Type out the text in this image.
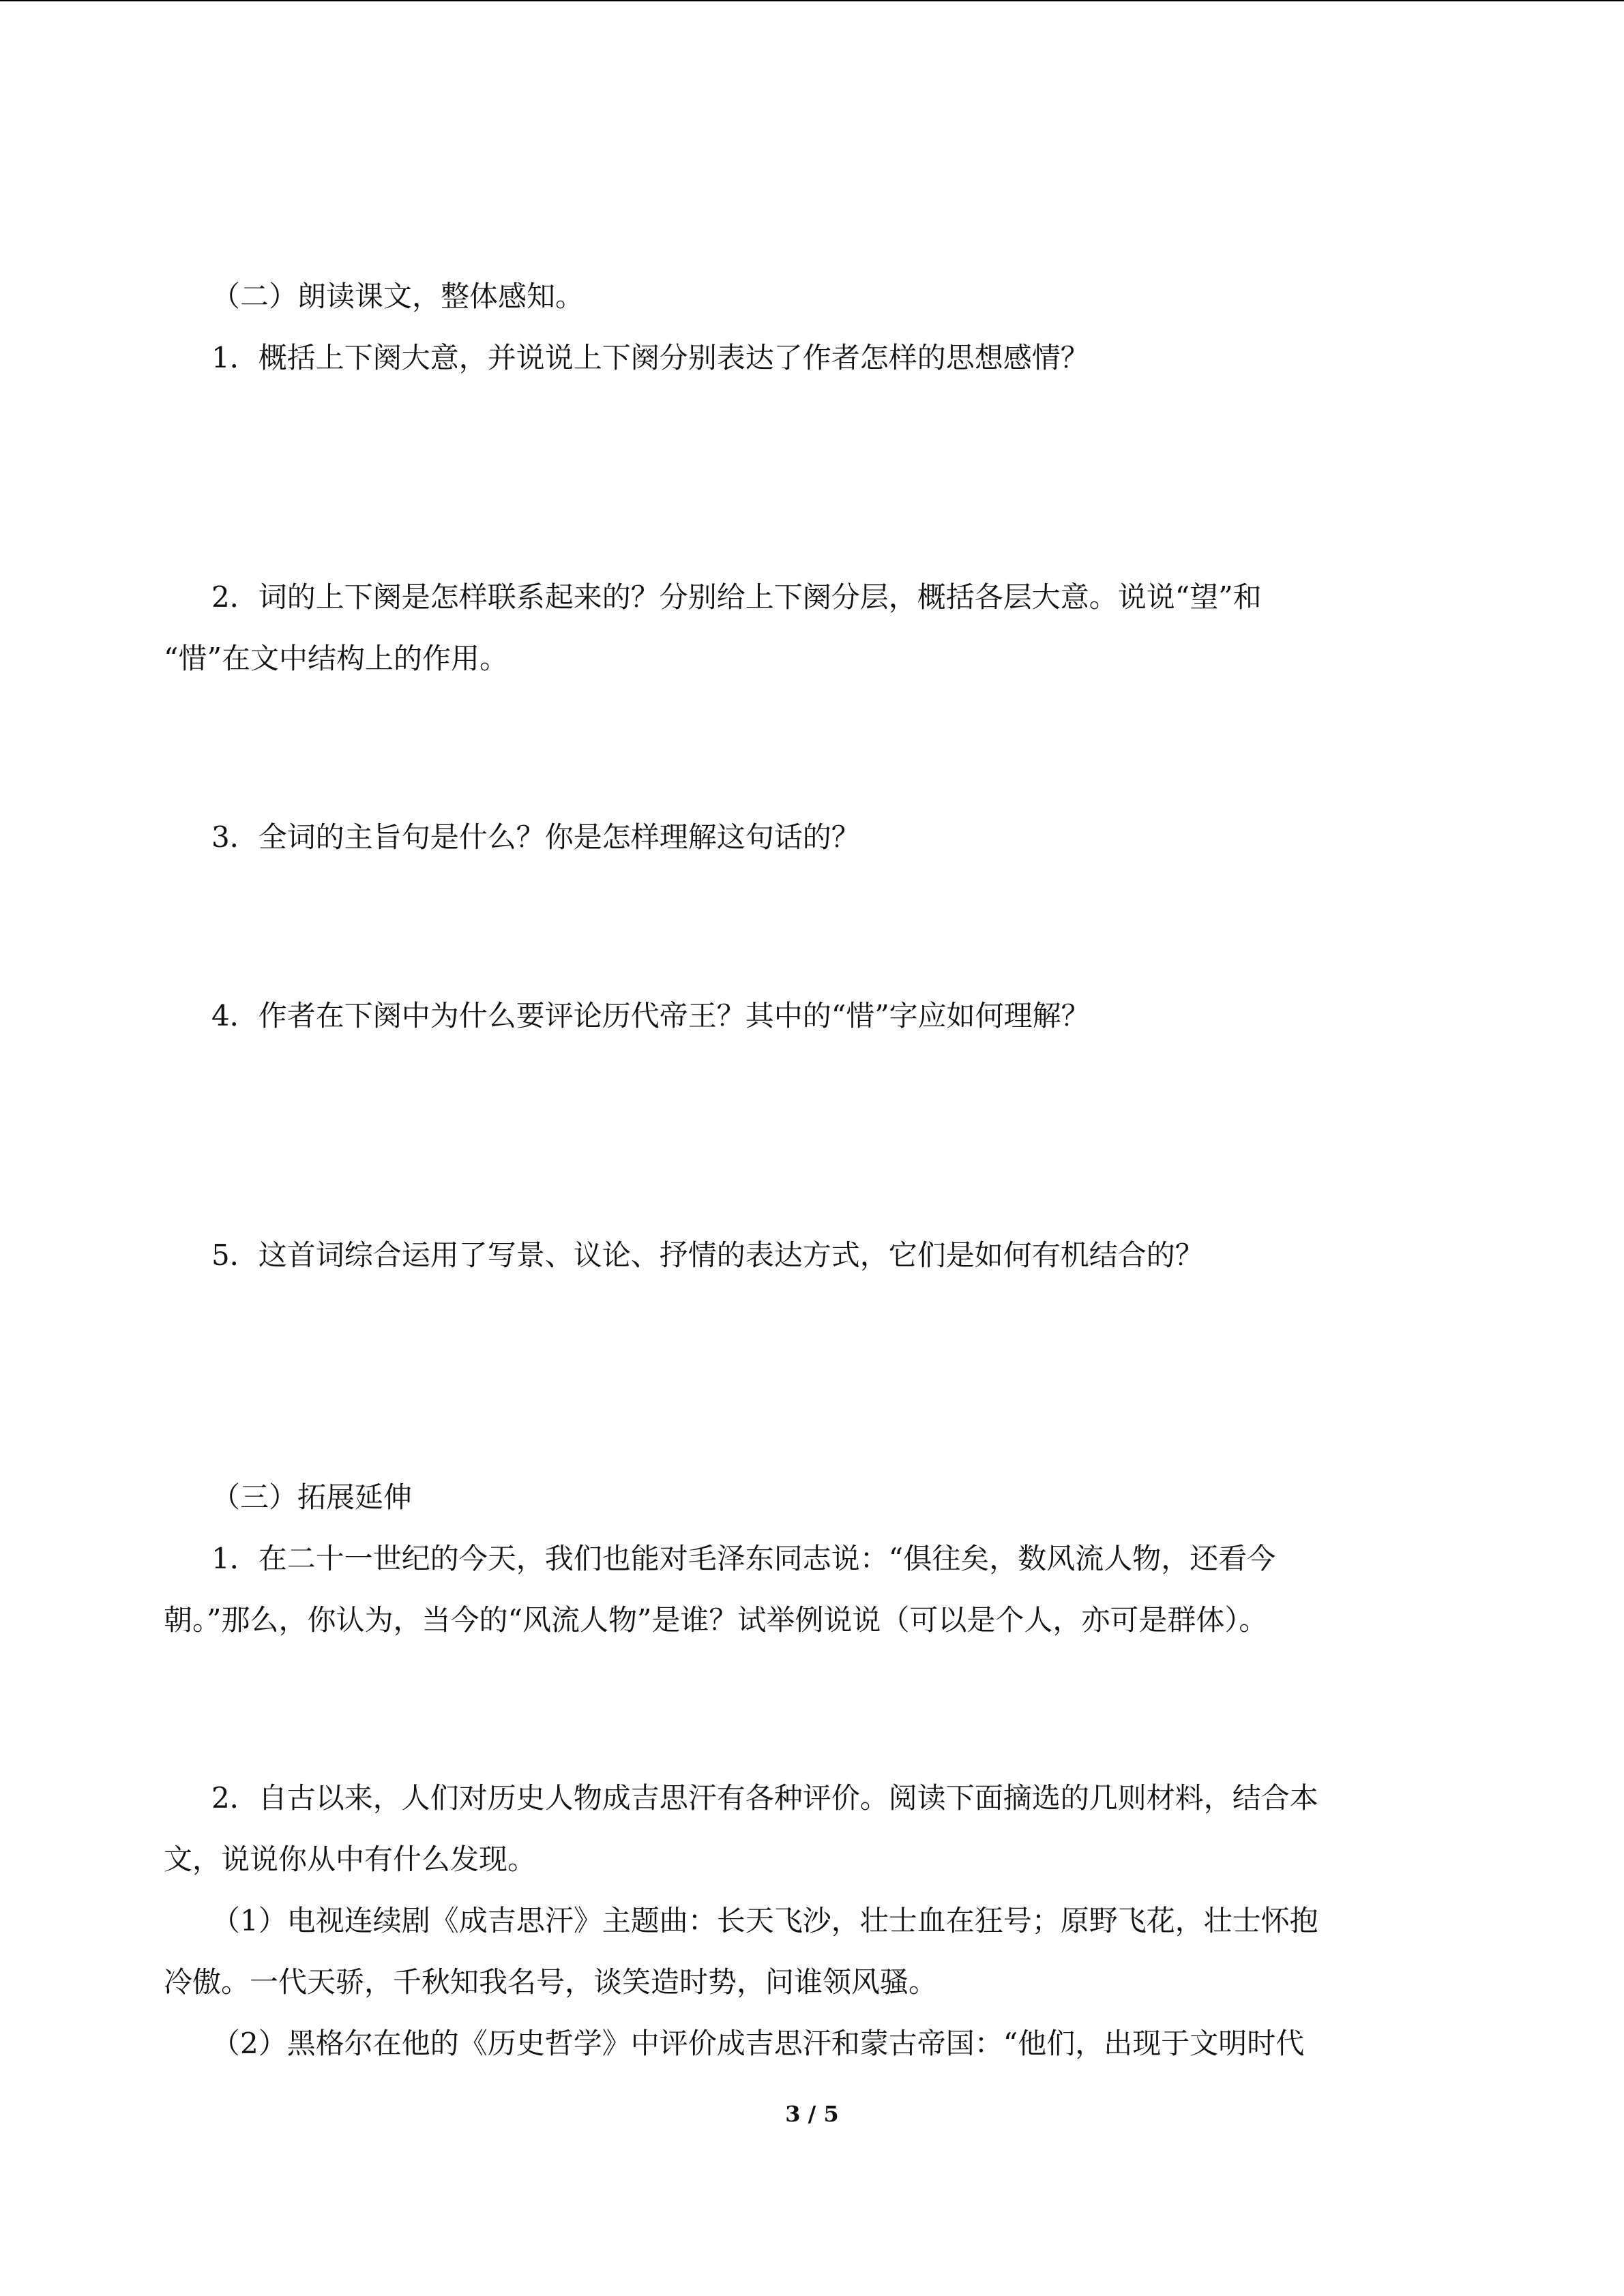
（二）朗读课文，整体感知。
1．概括上下阕大意，并说说上下阕分别表达了作者怎样的思想感情？
2．词的上下阕是怎样联系起来的？分别给上下阕分层，概括各层大意。说说“望”和
“惜”在文中结构上的作用。
3．全词的主旨句是什么？你是怎样理解这句话的？
4．作者在下阕中为什么要评论历代帝王？其中的“惜”字应如何理解？
5．这首词综合运用了写景、议论、抒情的表达方式，它们是如何有机结合的？
（三）拓展延伸
1．在二十一世纪的今天，我们也能对毛泽东同志说：“俱往矣，数风流人物，还看今
朝。”那么，你认为，当今的“风流人物”是谁？试举例说说（可以是个人，亦可是群体）。
2．自古以来，人们对历史人物成吉思汗有各种评价。阅读下面摘选的几则材料，结合本
文，说说你从中有什么发现。
（1）电视连续剧《成吉思汗》主题曲：长天飞沙，壮士血在狂号；原野飞花，壮士怀抱
冷傲。一代天骄，千秋知我名号，谈笑造时势，问谁领风骚。
（2）黑格尔在他的《历史哲学》中评价成吉思汗和蒙古帝国：“他们，出现于文明时代
3 / 5
